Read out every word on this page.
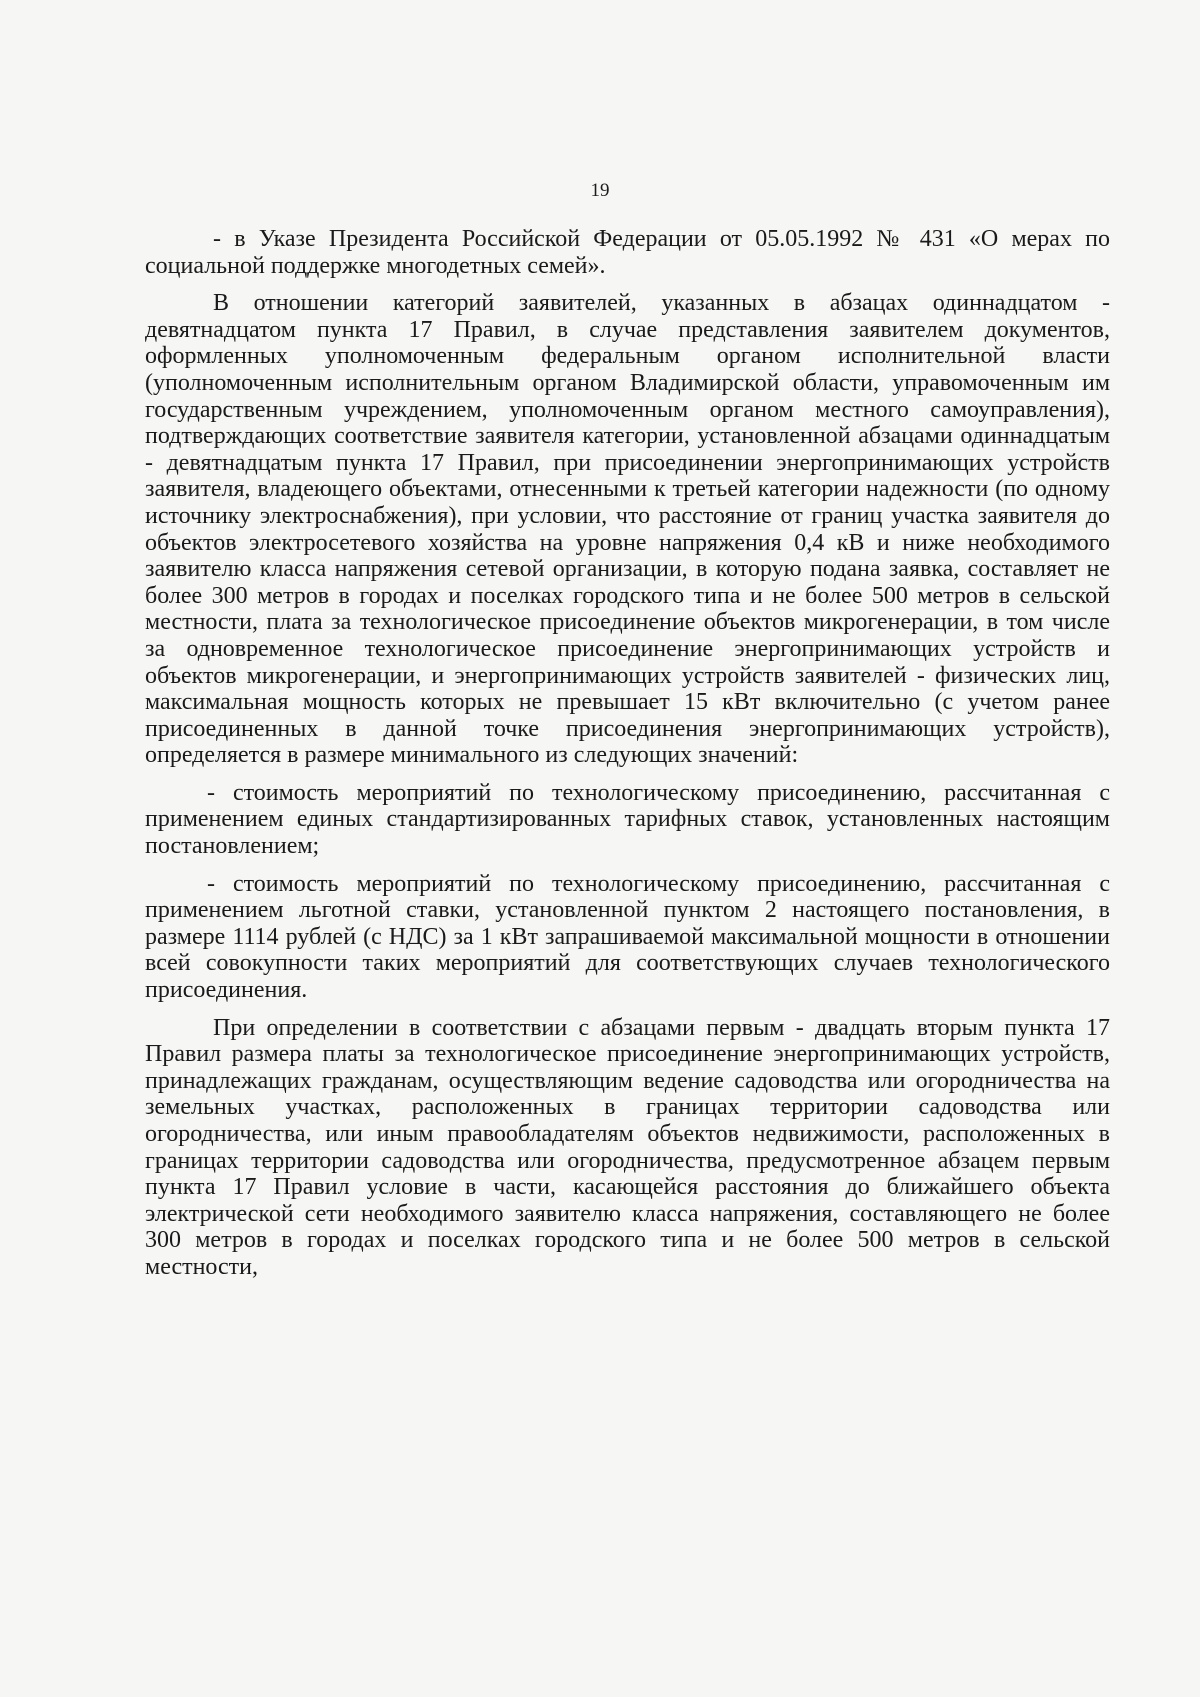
19

- в Указе Президента Российской Федерации от 05.05.1992 № 431 «О мерах по социальной поддержке многодетных семей».

В отношении категорий заявителей, указанных в абзацах одиннадцатом - девятнадцатом пункта 17 Правил, в случае представления заявителем документов, оформленных уполномоченным федеральным органом исполнительной власти (уполномоченным исполнительным органом Владимирской области, управомоченным им государственным учреждением, уполномоченным органом местного самоуправления), подтверждающих соответствие заявителя категории, установленной абзацами одиннадцатым - девятнадцатым пункта 17 Правил, при присоединении энергопринимающих устройств заявителя, владеющего объектами, отнесенными к третьей категории надежности (по одному источнику электроснабжения), при условии, что расстояние от границ участка заявителя до объектов электросетевого хозяйства на уровне напряжения 0,4 кВ и ниже необходимого заявителю класса напряжения сетевой организации, в которую подана заявка, составляет не более 300 метров в городах и поселках городского типа и не более 500 метров в сельской местности, плата за технологическое присоединение объектов микрогенерации, в том числе за одновременное технологическое присоединение энергопринимающих устройств и объектов микрогенерации, и энергопринимающих устройств заявителей - физических лиц, максимальная мощность которых не превышает 15 кВт включительно (с учетом ранее присоединенных в данной точке присоединения энергопринимающих устройств), определяется в размере минимального из следующих значений:

- стоимость мероприятий по технологическому присоединению, рассчитанная с применением единых стандартизированных тарифных ставок, установленных настоящим постановлением;

- стоимость мероприятий по технологическому присоединению, рассчитанная с применением льготной ставки, установленной пунктом 2 настоящего постановления, в размере 1114 рублей (с НДС) за 1 кВт запрашиваемой максимальной мощности в отношении всей совокупности таких мероприятий для соответствующих случаев технологического присоединения.

При определении в соответствии с абзацами первым - двадцать вторым пункта 17 Правил размера платы за технологическое присоединение энергопринимающих устройств, принадлежащих гражданам, осуществляющим ведение садоводства или огородничества на земельных участках, расположенных в границах территории садоводства или огородничества, или иным правообладателям объектов недвижимости, расположенных в границах территории садоводства или огородничества, предусмотренное абзацем первым пункта 17 Правил условие в части, касающейся расстояния до ближайшего объекта электрической сети необходимого заявителю класса напряжения, составляющего не более 300 метров в городах и поселках городского типа и не более 500 метров в сельской местности,
